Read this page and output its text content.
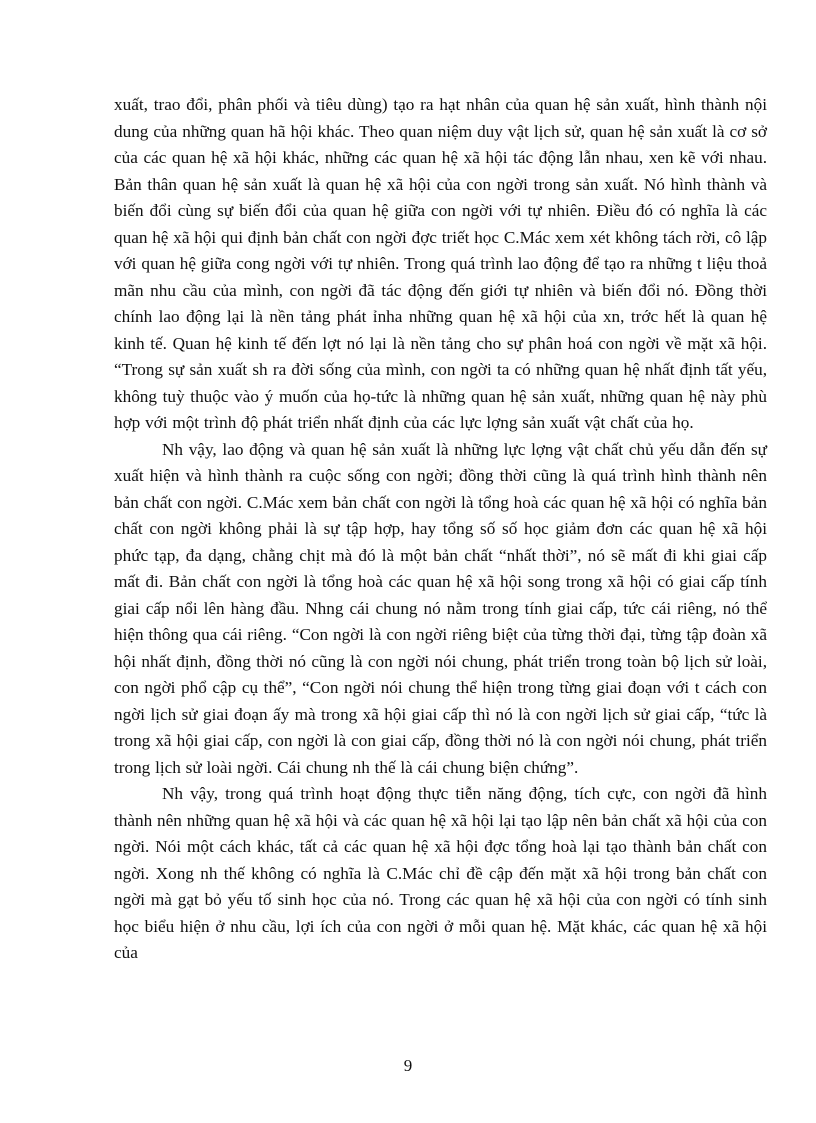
xuất, trao đổi, phân phối và tiêu dùng) tạo ra hạt nhân của quan hệ sản xuất, hình thành nội dung của những quan hã hội khác. Theo quan niệm duy vật lịch sử, quan hệ sản xuất là cơ sở của các quan hệ xã hội khác, những các quan hệ xã hội tác động lẫn nhau, xen kẽ với nhau. Bản thân quan hệ sản xuất là quan hệ xã hội của con ngời trong sản xuất. Nó hình thành và biến đổi cùng sự biến đổi của quan hệ giữa con ngời với tự nhiên. Điều đó có nghĩa là các quan hệ xã hội qui định bản chất con ngời đợc triết học C.Mác xem xét không tách rời, cô lập với quan hệ giữa cong ngời với tự nhiên. Trong quá trình lao động để tạo ra những t liệu thoả mãn nhu cầu của mình, con ngời đã tác động đến giới tự nhiên và biến đổi nó. Đồng thời chính lao động lại là nền tảng phát ỉnha những quan hệ xã hội của xn, trớc hết là quan hệ kinh tế. Quan hệ kinh tế đến lợt nó lại là nền tảng cho sự phân hoá con ngời về mặt xã hội. “Trong sự sản xuất sh ra đời sống của mình, con ngời ta có những quan hệ nhất định tất yếu, không tuỳ thuộc vào ý muốn của họ-tức là những quan hệ sản xuất, những quan hệ này phù hợp với một trình độ phát triển nhất định của các lực lợng sản xuất vật chất của họ.

Nh vậy, lao động và quan hệ sản xuất là những lực lợng vật chất chủ yếu dẫn đến sự xuất hiện và hình thành ra cuộc sống con ngời; đồng thời cũng là quá trình hình thành nên bản chất con ngời. C.Mác xem bản chất con ngời là tổng hoà các quan hệ xã hội có nghĩa bản chất con ngời không phải là sự tập hợp, hay tổng số số học giảm đơn các quan hệ xã hội phức tạp, đa dạng, chằng chịt mà đó là một bản chất “nhất thời”, nó sẽ mất đi khi giai cấp mất đi. Bản chất con ngời là tổng hoà các quan hệ xã hội song trong xã hội có giai cấp tính giai cấp nổi lên hàng đầu. Nhng cái chung nó nằm trong tính giai cấp, tức cái riêng, nó thể hiện thông qua cái riêng. “Con ngời là con ngời riêng biệt của từng thời đại, từng tập đoàn xã hội nhất định, đồng thời nó cũng là con ngời nói chung, phát triển trong toàn bộ lịch sử loài, con ngời phổ cập cụ thể”, “Con ngời nói chung thể hiện trong từng giai đoạn với t cách con ngời lịch sử giai đoạn ấy mà trong xã hội giai cấp thì nó là con ngời lịch sử giai cấp, “tức là trong xã hội giai cấp, con ngời là con giai cấp, đồng thời nó là con ngời nói chung, phát triển trong lịch sử loài ngời. Cái chung nh thế là cái chung biện chứng”.

Nh vậy, trong quá trình hoạt động thực tiễn năng động, tích cực, con ngời đã hình thành nên những quan hệ xã hội và các quan hệ xã hội lại tạo lập nên bản chất xã hội của con ngời. Nói một cách khác, tất cả các quan hệ xã hội đợc tổng hoà lại tạo thành bản chất con ngời. Xong nh thế không có nghĩa là C.Mác chỉ đề cập đến mặt xã hội trong bản chất con ngời mà gạt bỏ yếu tố sinh học của nó. Trong các quan hệ xã hội của con ngời có tính sinh học biểu hiện ở nhu cầu, lợi ích của con ngời ở mỗi quan hệ. Mặt khác, các quan hệ xã hội của

9
